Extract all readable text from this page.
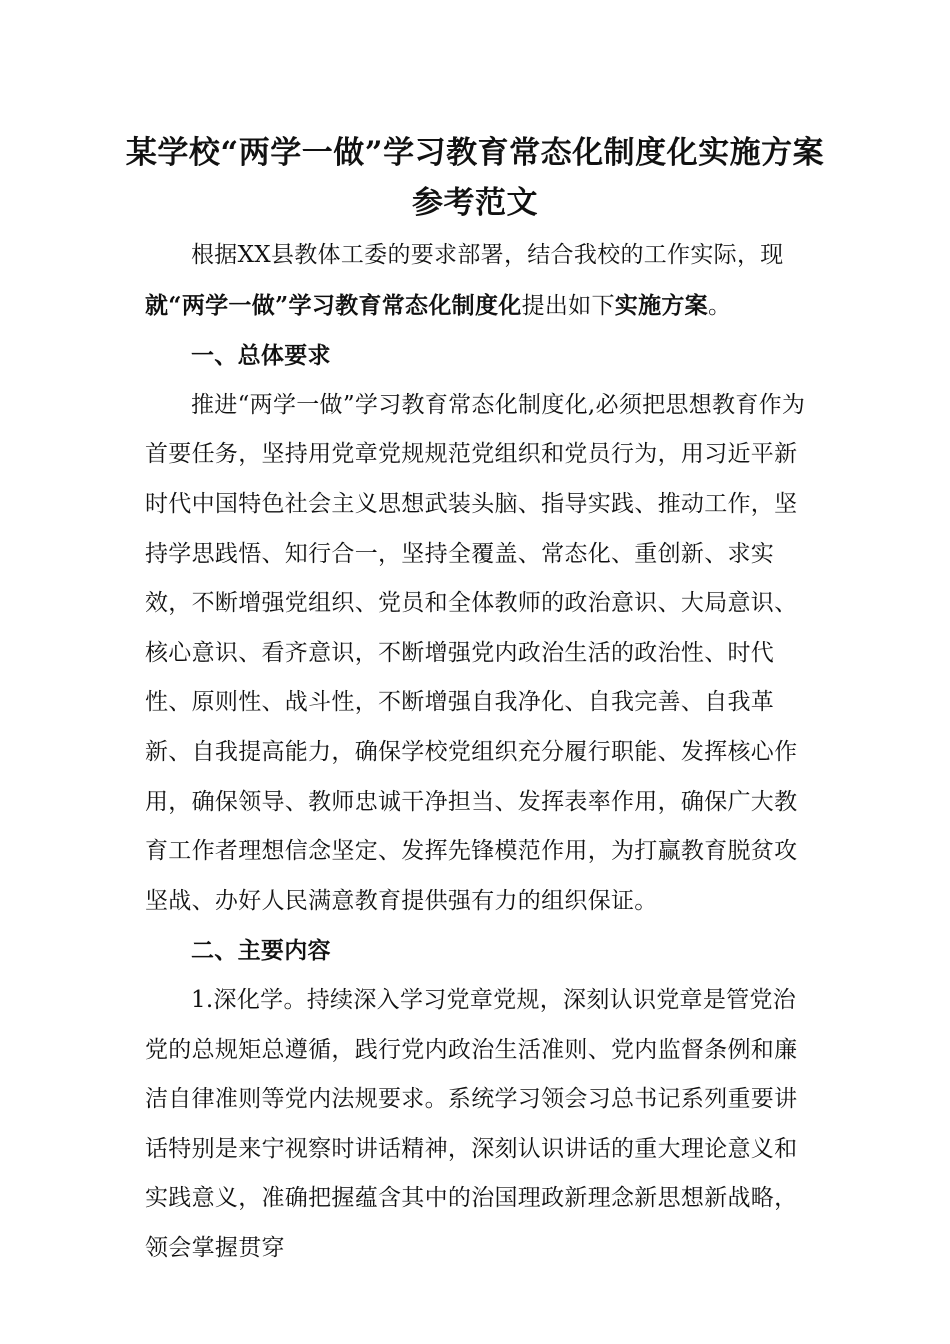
某学校“两学一做”学习教育常态化制度化实施方案
参考范文

根据XX县教体工委的要求部署，结合我校的工作实际，现就“两学一做”学习教育常态化制度化提出如下实施方案。

一、总体要求

推进“两学一做”学习教育常态化制度化,必须把思想教育作为首要任务，坚持用党章党规规范党组织和党员行为，用习近平新时代中国特色社会主义思想武装头脑、指导实践、推动工作，坚持学思践悟、知行合一，坚持全覆盖、常态化、重创新、求实效，不断增强党组织、党员和全体教师的政治意识、大局意识、核心意识、看齐意识，不断增强党内政治生活的政治性、时代性、原则性、战斗性，不断增强自我净化、自我完善、自我革新、自我提高能力，确保学校党组织充分履行职能、发挥核心作用，确保领导、教师忠诚干净担当、发挥表率作用，确保广大教育工作者理想信念坚定、发挥先锋模范作用，为打赢教育脱贫攻坚战、办好人民满意教育提供强有力的组织保证。

二、主要内容

1.深化学。持续深入学习党章党规，深刻认识党章是管党治党的总规矩总遵循，践行党内政治生活准则、党内监督条例和廉洁自律准则等党内法规要求。系统学习领会习总书记系列重要讲话特别是来宁视察时讲话精神，深刻认识讲话的重大理论意义和实践意义，准确把握蕴含其中的治国理政新理念新思想新战略，领会掌握贯穿
